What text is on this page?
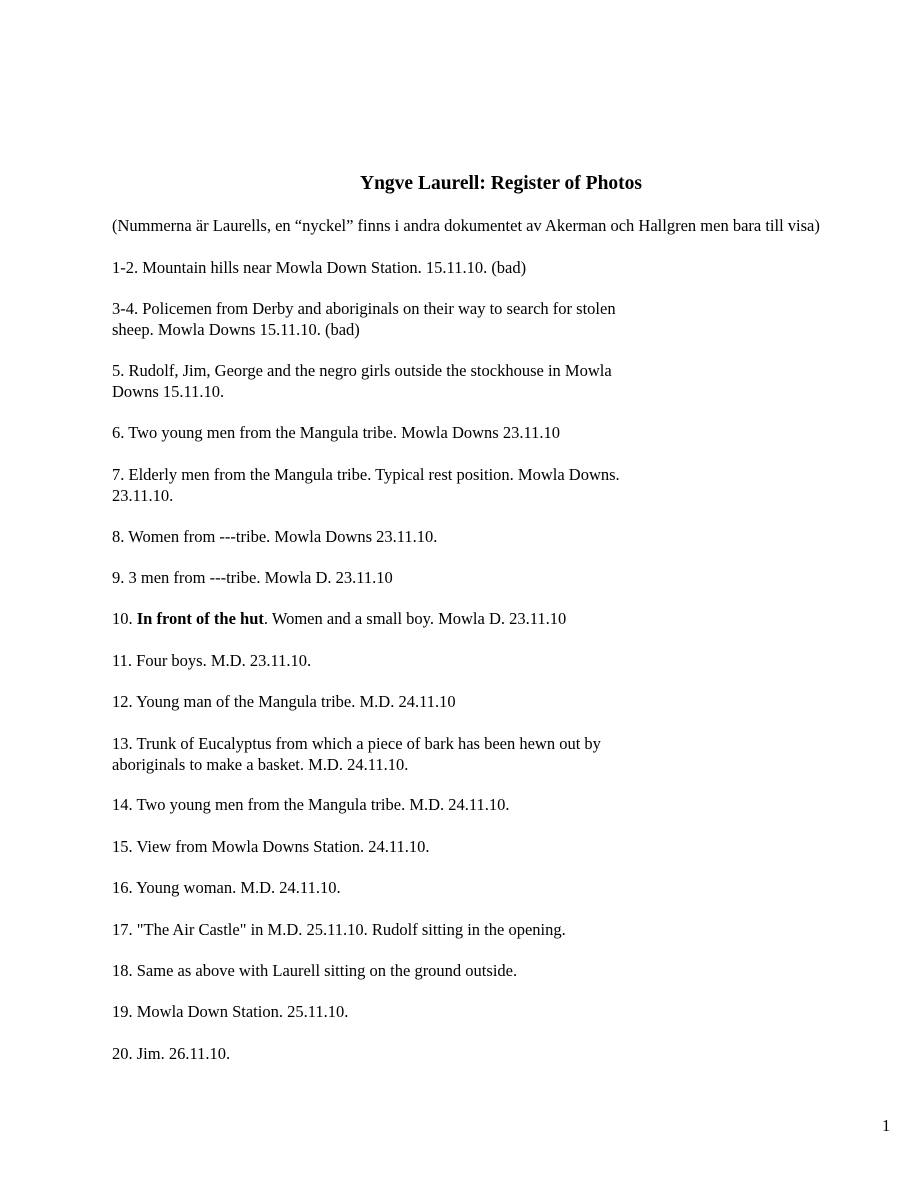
Yngve Laurell: Register of Photos

(Nummerna är Laurells, en “nyckel” finns i andra dokumentet av Akerman och Hallgren men bara till visa)

1-2. Mountain hills near Mowla Down Station. 15.11.10. (bad)

3-4. Policemen from Derby and aboriginals on their way to search for stolen
sheep. Mowla Downs 15.11.10. (bad)

5. Rudolf, Jim, George and the negro girls outside the stockhouse in Mowla
Downs 15.11.10.

6. Two young men from the Mangula tribe. Mowla Downs 23.11.10

7. Elderly men from the Mangula tribe. Typical rest position. Mowla Downs.
23.11.10.

8. Women from ---tribe. Mowla Downs 23.11.10.

9. 3 men from ---tribe. Mowla D. 23.11.10

10. In front of the hut. Women and a small boy. Mowla D. 23.11.10

11. Four boys. M.D. 23.11.10.

12. Young man of the Mangula tribe. M.D. 24.11.10

13. Trunk of Eucalyptus from which a piece of bark has been hewn out by
aboriginals to make a basket. M.D. 24.11.10.

14. Two young men from the Mangula tribe. M.D. 24.11.10.

15. View from Mowla Downs Station. 24.11.10.

16. Young woman. M.D. 24.11.10.

17. "The Air Castle" in M.D. 25.11.10. Rudolf sitting in the opening.

18. Same as above with Laurell sitting on the ground outside.

19. Mowla Down Station. 25.11.10.

20. Jim. 26.11.10.

1
